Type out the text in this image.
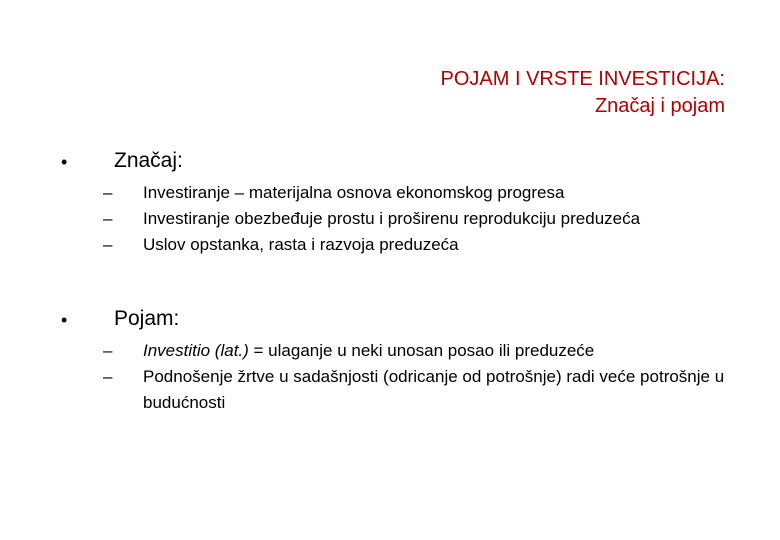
POJAM I VRSTE INVESTICIJA:
Značaj i pojam
• Značaj:
–	Investiranje – materijalna osnova ekonomskog progresa
–	Investiranje obezbeđuje prostu i proširenu reprodukciju preduzeća
–	Uslov opstanka, rasta i razvoja preduzeća
• Pojam:
–	Investitio (lat.) = ulaganje u neki unosan posao ili preduzeće
–	Podnošenje žrtve u sadašnjosti (odricanje od potrošnje) radi veće potrošnje u budućnosti
